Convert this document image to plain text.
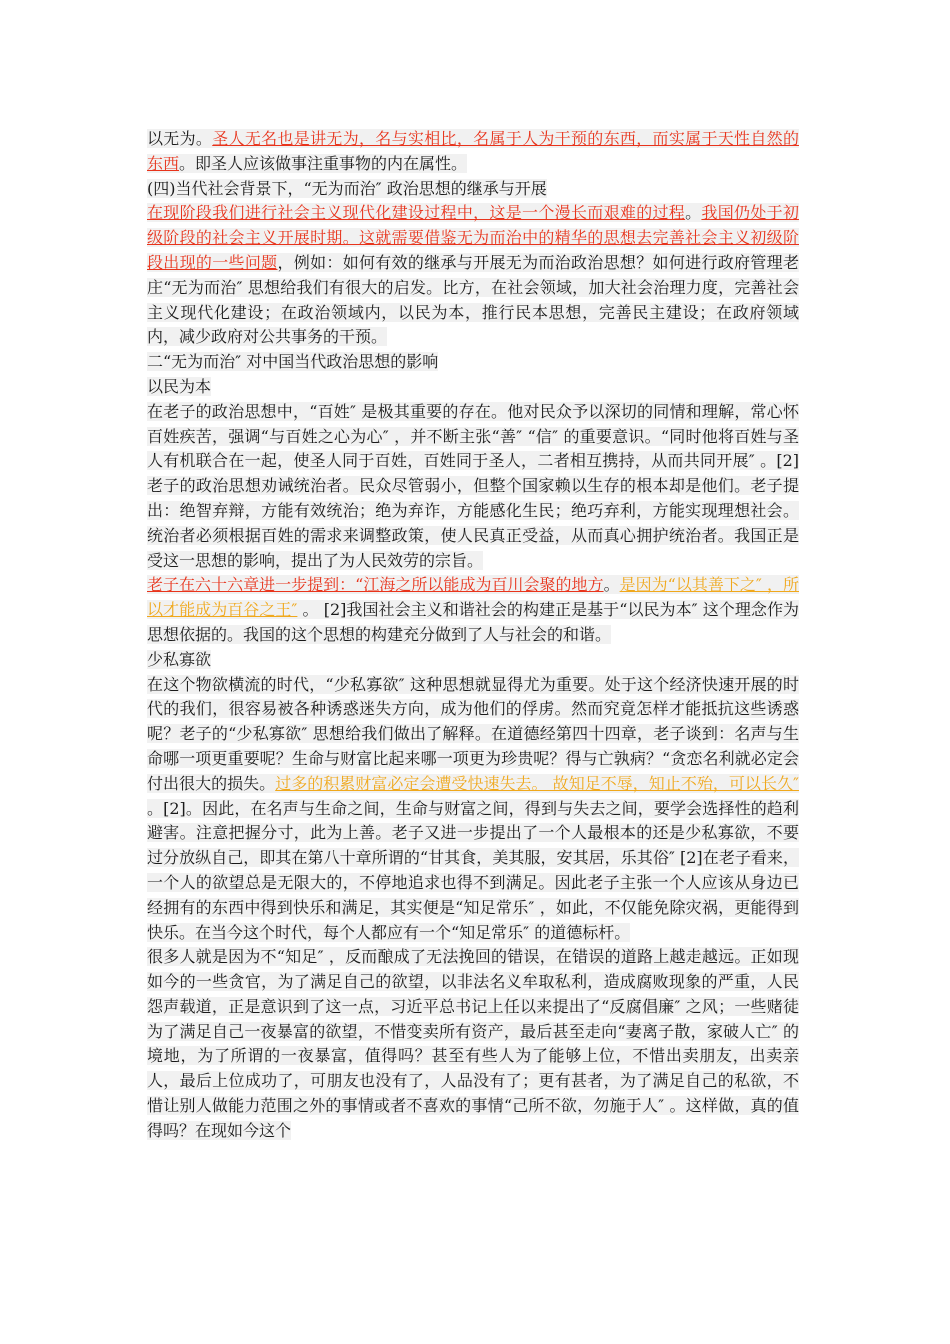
以无为。圣人无名也是讲无为，名与实相比，名属于人为干预的东西，而实属于天性自然的东西。即圣人应该做事注重事物的内在属性。

(四)当代社会背景下，“无为而治″ 政治思想的继承与开展

在现阶段我们进行社会主义现代化建设过程中，这是一个漫长而艰难的过程。我国仍处于初级阶段的社会主义开展时期。这就需要借鉴无为而治中的精华的思想去完善社会主义初级阶段出现的一些问题，例如：如何有效的继承与开展无为而治政治思想？如何进行政府管理老庄“无为而治″ 思想给我们有很大的启发。比方，在社会领域，加大社会治理力度，完善社会主义现代化建设；在政治领域内，以民为本，推行民本思想，完善民主建设；在政府领域内，减少政府对公共事务的干预。

二“无为而治″ 对中国当代政治思想的影响

以民为本

在老子的政治思想中，“百姓″ 是极其重要的存在。他对民众予以深切的同情和理解，常心怀百姓疾苦，强调“与百姓之心为心″ ，并不断主张“善″ “信″ 的重要意识。“同时他将百姓与圣人有机联合在一起，使圣人同于百姓，百姓同于圣人，二者相互携持，从而共同开展″ 。[2]老子的政治思想劝诫统治者。民众尽管弱小，但整个国家赖以生存的根本却是他们。老子提出：绝智弃辩，方能有效统治；绝为弃诈，方能感化生民；绝巧弃利，方能实现理想社会。统治者必须根据百姓的需求来调整政策，使人民真正受益，从而真心拥护统治者。我国正是受这一思想的影响，提出了为人民效劳的宗旨。

老子在六十六章进一步提到：“江海之所以能成为百川会聚的地方。是因为“以其善下之″ ，所以才能成为百谷之王″ 。 [2]我国社会主义和谐社会的构建正是基于“以民为本″ 这个理念作为思想依据的。我国的这个思想的构建充分做到了人与社会的和谐。

少私寡欲

在这个物欲横流的时代，“少私寡欲″ 这种思想就显得尤为重要。处于这个经济快速开展的时代的我们，很容易被各种诱惑迷失方向，成为他们的俘虏。然而究竟怎样才能抵抗这些诱惑呢？老子的“少私寡欲″ 思想给我们做出了解释。在道德经第四十四章，老子谈到：名声与生命哪一项更重要呢？生命与财富比起来哪一项更为珍贵呢？得与亡孰病？“贪恋名利就必定会付出很大的损失。过多的积累财富必定会遭受快速失去。 故知足不辱，知止不殆，可以长久″ 。[2]。因此，在名声与生命之间，生命与财富之间，得到与失去之间，要学会选择性的趋利避害。注意把握分寸，此为上善。老子又进一步提出了一个人最根本的还是少私寡欲，不要过分放纵自己，即其在第八十章所谓的“甘其食，美其服，安其居，乐其俗″ [2]在老子看来，一个人的欲望总是无限大的，不停地追求也得不到满足。因此老子主张一个人应该从身边已经拥有的东西中得到快乐和满足，其实便是“知足常乐″ ，如此，不仅能免除灾祸，更能得到快乐。在当今这个时代，每个人都应有一个“知足常乐″ 的道德标杆。

很多人就是因为不“知足″ ，反而酿成了无法挽回的错误，在错误的道路上越走越远。正如现如今的一些贪官，为了满足自己的欲望，以非法名义牟取私利，造成腐败现象的严重，人民怨声载道，正是意识到了这一点，习近平总书记上任以来提出了“反腐倡廉″ 之风；一些赌徒为了满足自己一夜暴富的欲望，不惜变卖所有资产，最后甚至走向“妻离子散，家破人亡″ 的境地，为了所谓的一夜暴富，值得吗？甚至有些人为了能够上位，不惜出卖朋友，出卖亲人，最后上位成功了，可朋友也没有了，人品没有了；更有甚者，为了满足自己的私欲，不惜让别人做能力范围之外的事情或者不喜欢的事情“己所不欲，勿施于人″ 。这样做，真的值得吗？在现如今这个
